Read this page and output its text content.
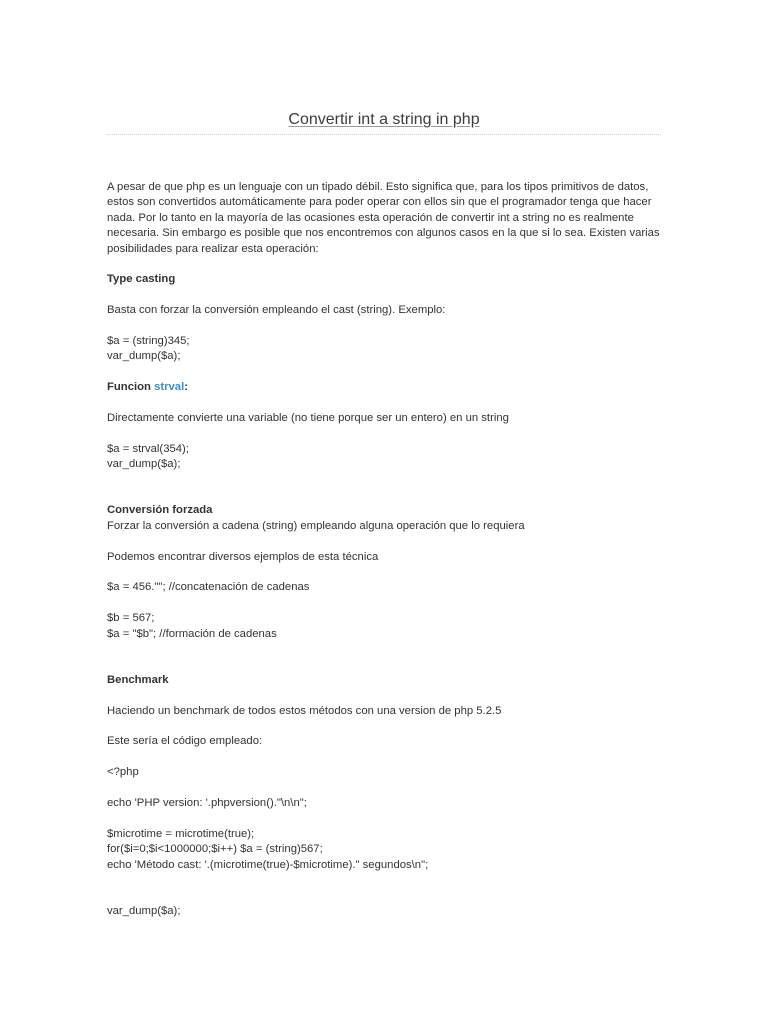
Convertir int a string in php

A pesar de que php es un lenguaje con un tipado débil. Esto significa que, para los tipos primitivos de datos,

estos son convertidos automáticamente para poder operar con ellos sin que el programador tenga que hacer

nada. Por lo tanto en la mayoría de las ocasiones esta operación de convertir int a string no es realmente

necesaria. Sin embargo es posible que nos encontremos con algunos casos en la que si lo sea. Existen varias

posibilidades para realizar esta operación:

Type casting

Basta con forzar la conversión empleando el cast (string). Exemplo:

$a = (string)345;

var_dump($a);

Funcion strval:

Directamente convierte una variable (no tiene porque ser un entero) en un string

$a = strval(354);

var_dump($a);

Conversión forzada

Forzar la conversión a cadena (string) empleando alguna operación que lo requiera

Podemos encontrar diversos ejemplos de esta técnica

$a = 456.""; //concatenación de cadenas

$b = 567;

$a = "$b"; //formación de cadenas

Benchmark

Haciendo un benchmark de todos estos métodos con una version de php 5.2.5

Este sería el código empleado:

<?php

echo 'PHP version: '.phpversion()."\n\n";

$microtime = microtime(true);

for($i=0;$i<1000000;$i++) $a = (string)567;

echo 'Método cast: '.(microtime(true)-$microtime)." segundos\n";

var_dump($a);
